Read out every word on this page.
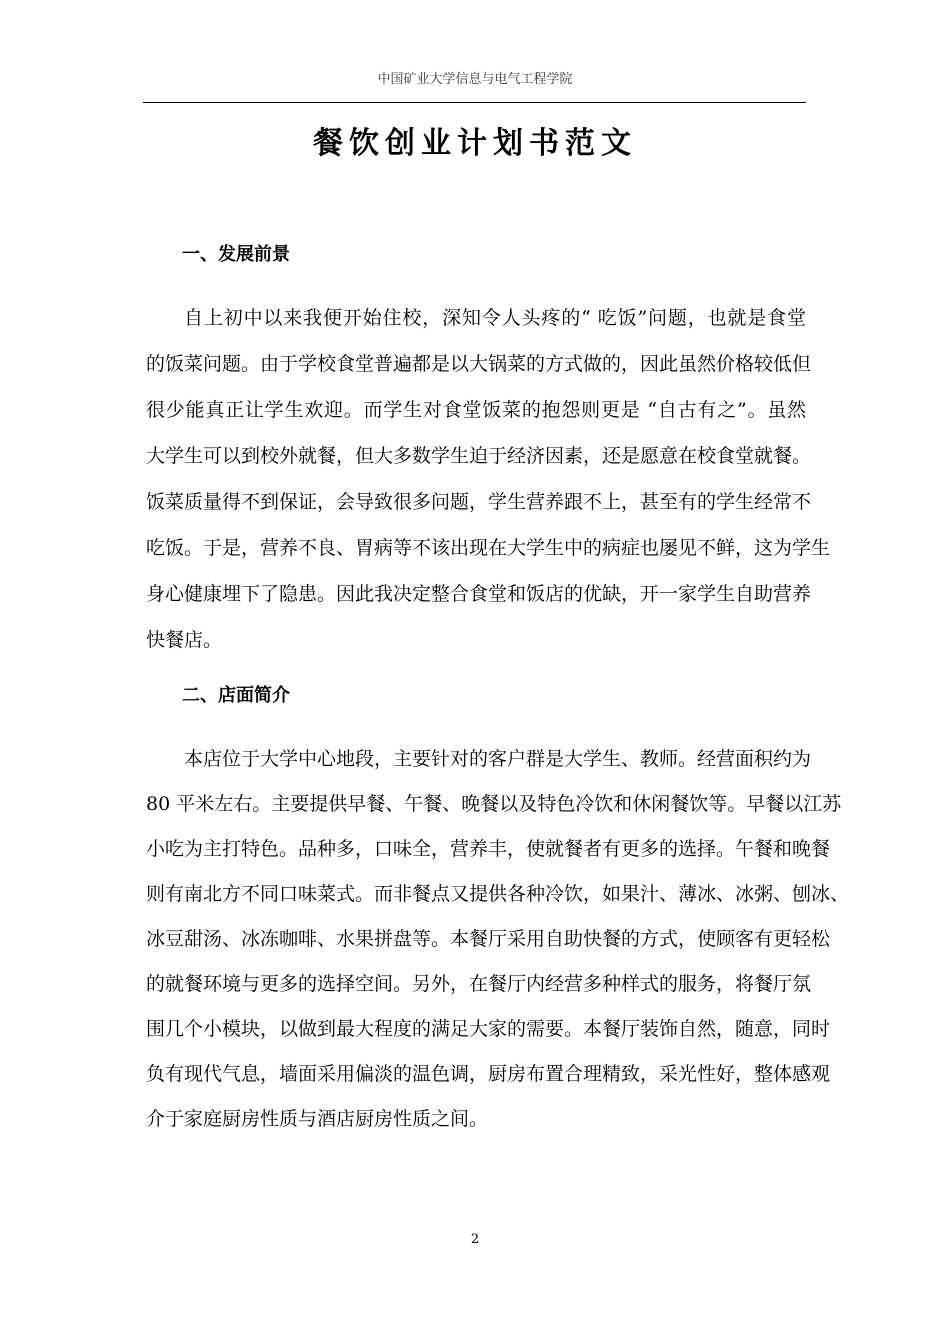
中国矿业大学信息与电气工程学院
餐饮创业计划书范文
一、发展前景
自上初中以来我便开始住校，深知令人头疼的“ 吃饭”问题，也就是食堂
的饭菜问题。由于学校食堂普遍都是以大锅菜的方式做的，因此虽然价格较低但
很少能真正让学生欢迎。而学生对食堂饭菜的抱怨则更是 “自古有之”。虽然
大学生可以到校外就餐，但大多数学生迫于经济因素，还是愿意在校食堂就餐。
饭菜质量得不到保证，会导致很多问题，学生营养跟不上，甚至有的学生经常不
吃饭。于是，营养不良、胃病等不该出现在大学生中的病症也屡见不鲜，这为学生
身心健康埋下了隐患。因此我决定整合食堂和饭店的优缺，开一家学生自助营养
快餐店。
二、店面简介
本店位于大学中心地段，主要针对的客户群是大学生、教师。经营面积约为
80 平米左右。主要提供早餐、午餐、晚餐以及特色冷饮和休闲餐饮等。早餐以江苏
小吃为主打特色。品种多，口味全，营养丰，使就餐者有更多的选择。午餐和晚餐
则有南北方不同口味菜式。而非餐点又提供各种冷饮，如果汁、薄冰、冰粥、刨冰、
冰豆甜汤、冰冻咖啡、水果拼盘等。本餐厅采用自助快餐的方式，使顾客有更轻松
的就餐环境与更多的选择空间。另外，在餐厅内经营多种样式的服务，将餐厅氛
围几个小模块，以做到最大程度的满足大家的需要。本餐厅装饰自然，随意，同时
负有现代气息，墙面采用偏淡的温色调，厨房布置合理精致，采光性好，整体感观
介于家庭厨房性质与酒店厨房性质之间。
2
